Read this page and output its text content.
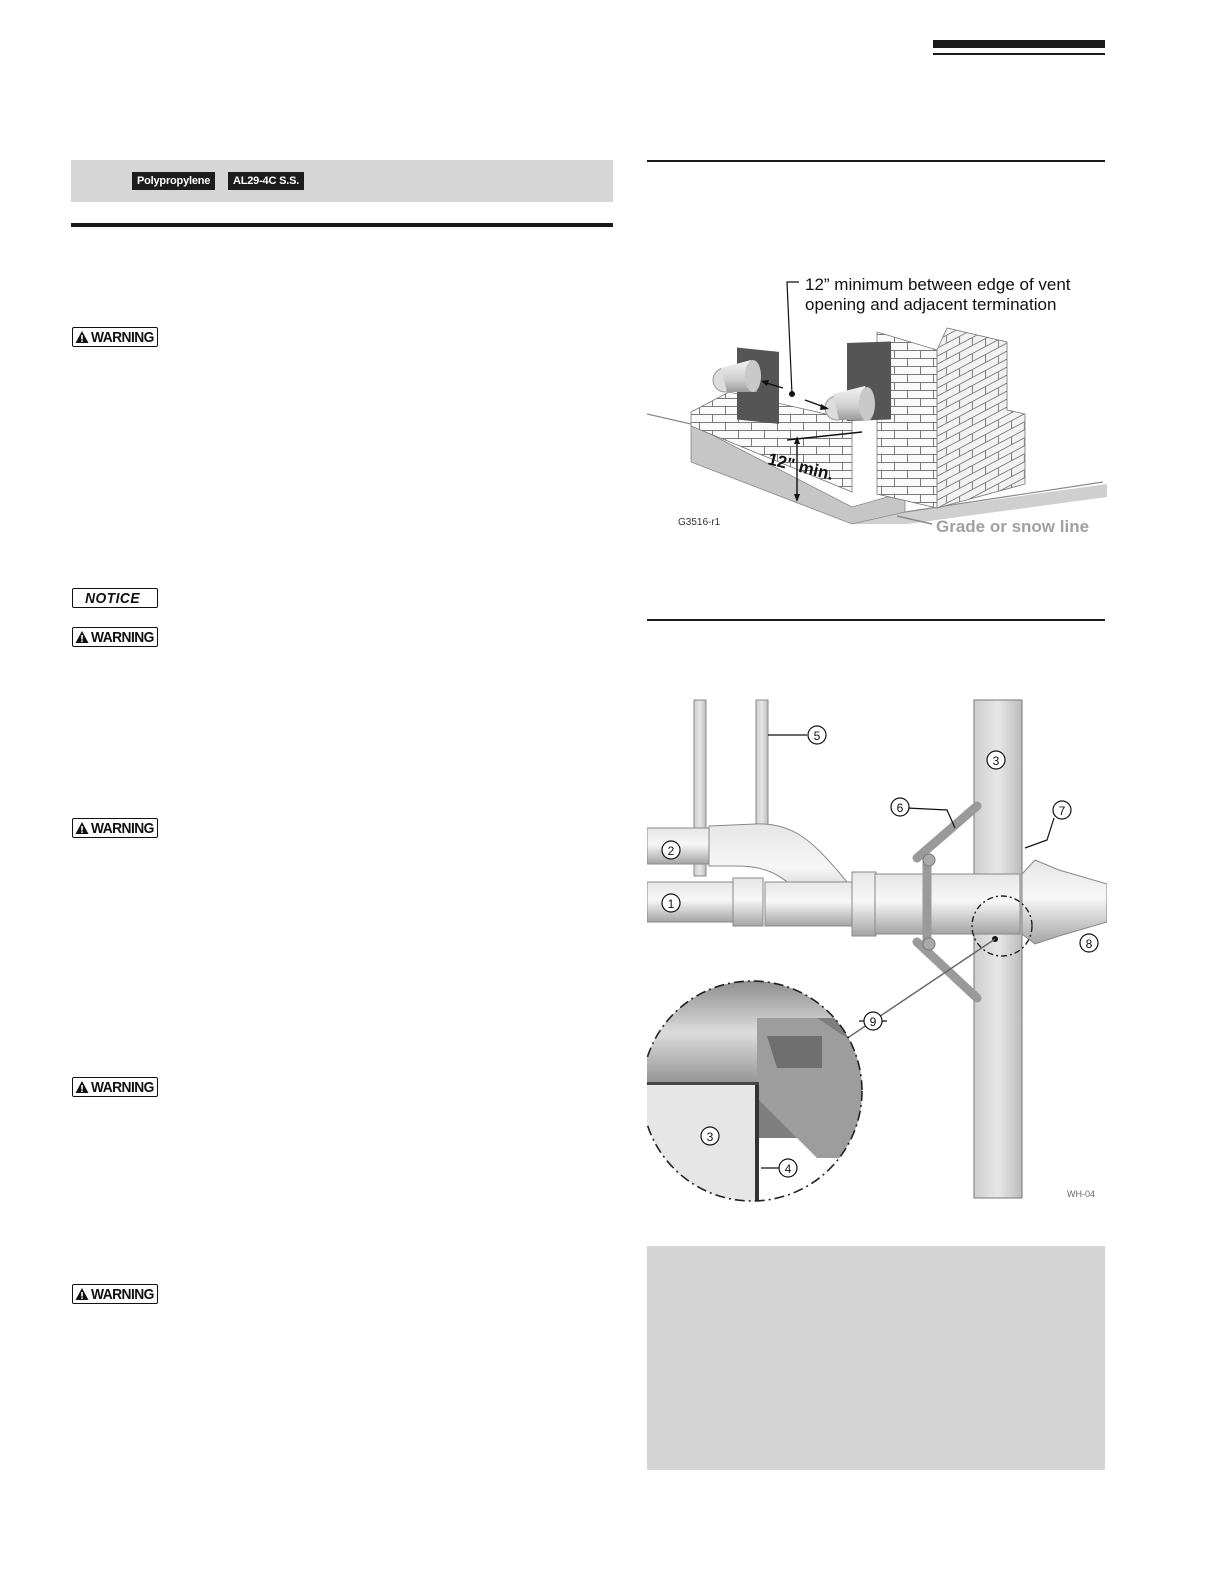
Polypropylene	AL29-4C S.S.
WARNING
NOTICE
WARNING
WARNING
WARNING
WARNING
12” minimum between edge of vent
opening and adjacent termination
12" min.
Grade or snow line
G3516-r1
1
2
3
3
4
5
6	7
8
9
WH-04
